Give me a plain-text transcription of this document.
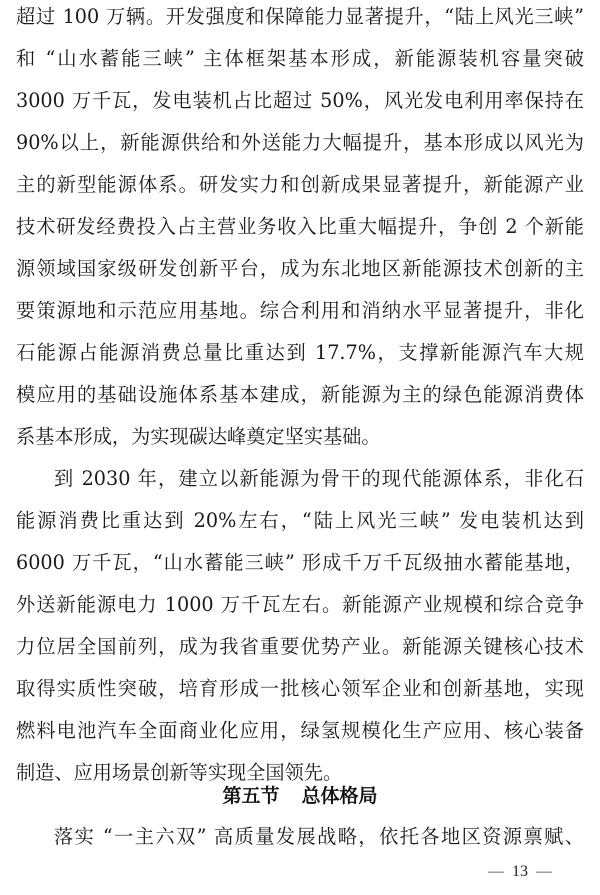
超过 100 万辆。开发强度和保障能力显著提升，“陆上风光三峡”
和 “山水蓄能三峡” 主体框架基本形成，新能源装机容量突破
3000 万千瓦，发电装机占比超过 50%，风光发电利用率保持在
90%以上，新能源供给和外送能力大幅提升，基本形成以风光为
主的新型能源体系。研发实力和创新成果显著提升，新能源产业
技术研发经费投入占主营业务收入比重大幅提升，争创 2 个新能
源领域国家级研发创新平台，成为东北地区新能源技术创新的主
要策源地和示范应用基地。综合利用和消纳水平显著提升，非化
石能源占能源消费总量比重达到 17.7%，支撑新能源汽车大规
模应用的基础设施体系基本建成，新能源为主的绿色能源消费体
系基本形成，为实现碳达峰奠定坚实基础。
到 2030 年，建立以新能源为骨干的现代能源体系，非化石
能源消费比重达到 20%左右，“陆上风光三峡” 发电装机达到
6000 万千瓦，“山水蓄能三峡” 形成千万千瓦级抽水蓄能基地，
外送新能源电力 1000 万千瓦左右。新能源产业规模和综合竞争
力位居全国前列，成为我省重要优势产业。新能源关键核心技术
取得实质性突破，培育形成一批核心领军企业和创新基地，实现
燃料电池汽车全面商业化应用，绿氢规模化生产应用、核心装备
制造、应用场景创新等实现全国领先。
第五节 总体格局
落实 “一主六双” 高质量发展战略，依托各地区资源禀赋、
— 13 —
